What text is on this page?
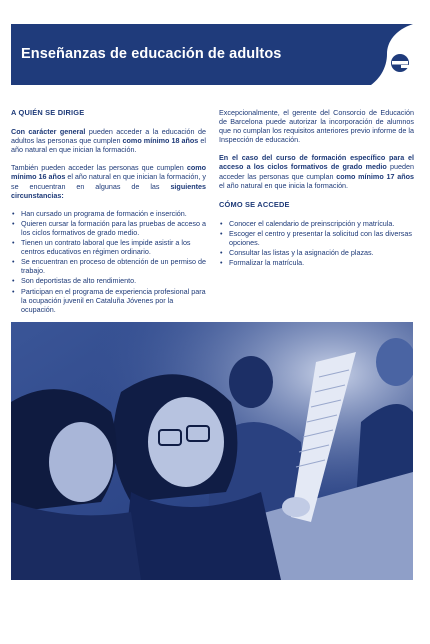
Enseñanzas de educación de adultos
A QUIÉN SE DIRIGE

Con carácter general pueden acceder a la educación de adultos las personas que cumplen como mínimo 18 años el año natural en que inician la formación.

También pueden acceder las personas que cumplen como mínimo 16 años el año natural en que inician la formación, y se encuentran en algunas de las siguientes circunstancias:

• Han cursado un programa de formación e inserción.
• Quieren cursar la formación para las pruebas de acceso a los ciclos formativos de grado medio.
• Tienen un contrato laboral que les impide asistir a los centros educativos en régimen ordinario.
• Se encuentran en proceso de obtención de un permiso de trabajo.
• Son deportistas de alto rendimiento.
• Participan en el programa de experiencia profesional para la ocupación juvenil en Cataluña Jóvenes por la ocupación.

Excepcionalmente, el gerente del Consorcio de Educación de Barcelona puede autorizar la incorporación de alumnos que no cumplan los requisitos anteriores previo informe de la Inspección de educación.

En el caso del curso de formación específico para el acceso a los ciclos formativos de grado medio pueden acceder las personas que cumplan como mínimo 17 años el año natural en que inicia la formación.

CÓMO SE ACCEDE
• Conocer el calendario de preinscripción y matrícula.
• Escoger el centro y presentar la solicitud con las diversas opciones.
• Consultar las listas y la asignación de plazas.
• Formalizar la matrícula.
